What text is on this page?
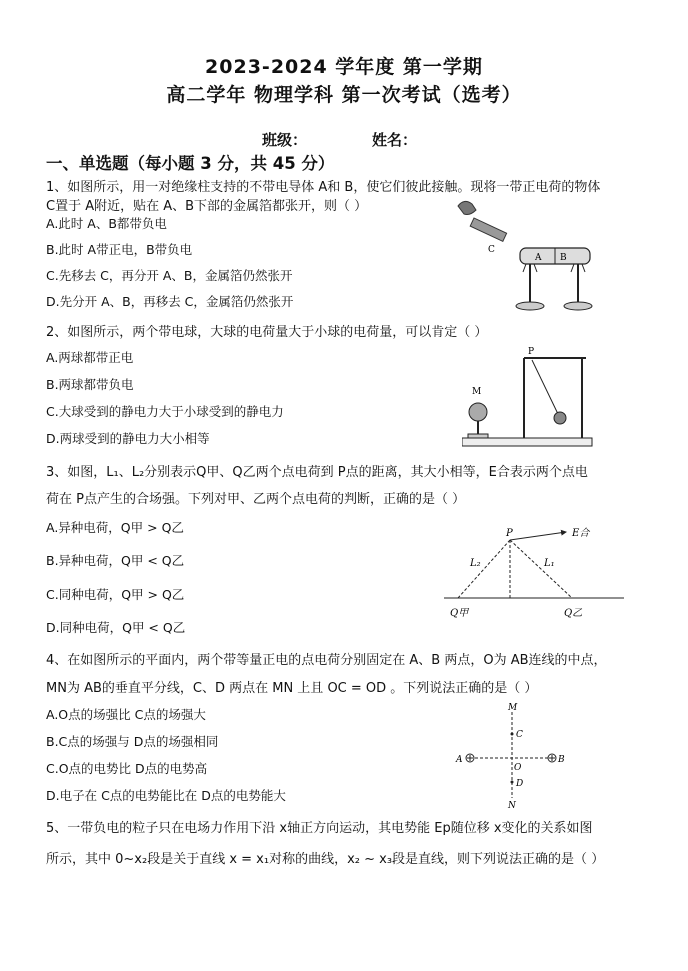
2023-2024 学年度 第一学期
高二学年 物理学科 第一次考试（选考）
班级：	姓名：
一、单选题（每小题 3 分，共 45 分）
1、如图所示，用一对绝缘柱支持的不带电导体 A和 B，使它们彼此接触。现将一带正电荷的物体
C置于 A附近，贴在 A、B下部的金属箔都张开，则（ ）
A.此时 A、B都带负电
B.此时 A带正电，B带负电
C.先移去 C，再分开 A、B，金属箔仍然张开
D.先分开 A、B，再移去 C，金属箔仍然张开
C
A B
2、如图所示，两个带电球，大球的电荷量大于小球的电荷量，可以肯定（ ）
A.两球都带正电
B.两球都带负电
C.大球受到的静电力大于小球受到的静电力
D.两球受到的静电力大小相等
P
M
3、如图，L₁、L₂分别表示Q甲、Q乙两个点电荷到 P点的距离，其大小相等，E合表示两个点电
荷在 P点产生的合场强。下列对甲、乙两个点电荷的判断，正确的是（ ）
A.异种电荷，Q甲 > Q乙
B.异种电荷，Q甲 < Q乙
C.同种电荷，Q甲 > Q乙
D.同种电荷，Q甲 < Q乙
P	E合
L₁
L₂
Q甲	Q乙
4、在如图所示的平面内，两个带等量正电的点电荷分别固定在 A、B 两点，O为 AB连线的中点，
MN为 AB的垂直平分线，C、D 两点在 MN 上且 OC = OD 。下列说法正确的是（ ）
A.O点的场强比 C点的场强大
B.C点的场强与 D点的场强相同
C.O点的电势比 D点的电势高
D.电子在 C点的电势能比在 D点的电势能大
M
N
C
O
D
A	B
5、一带负电的粒子只在电场力作用下沿 x轴正方向运动，其电势能 Ep随位移 x变化的关系如图
所示，其中 0~x₂段是关于直线 x = x₁对称的曲线，x₂ ~ x₃段是直线，则下列说法正确的是（ ）
